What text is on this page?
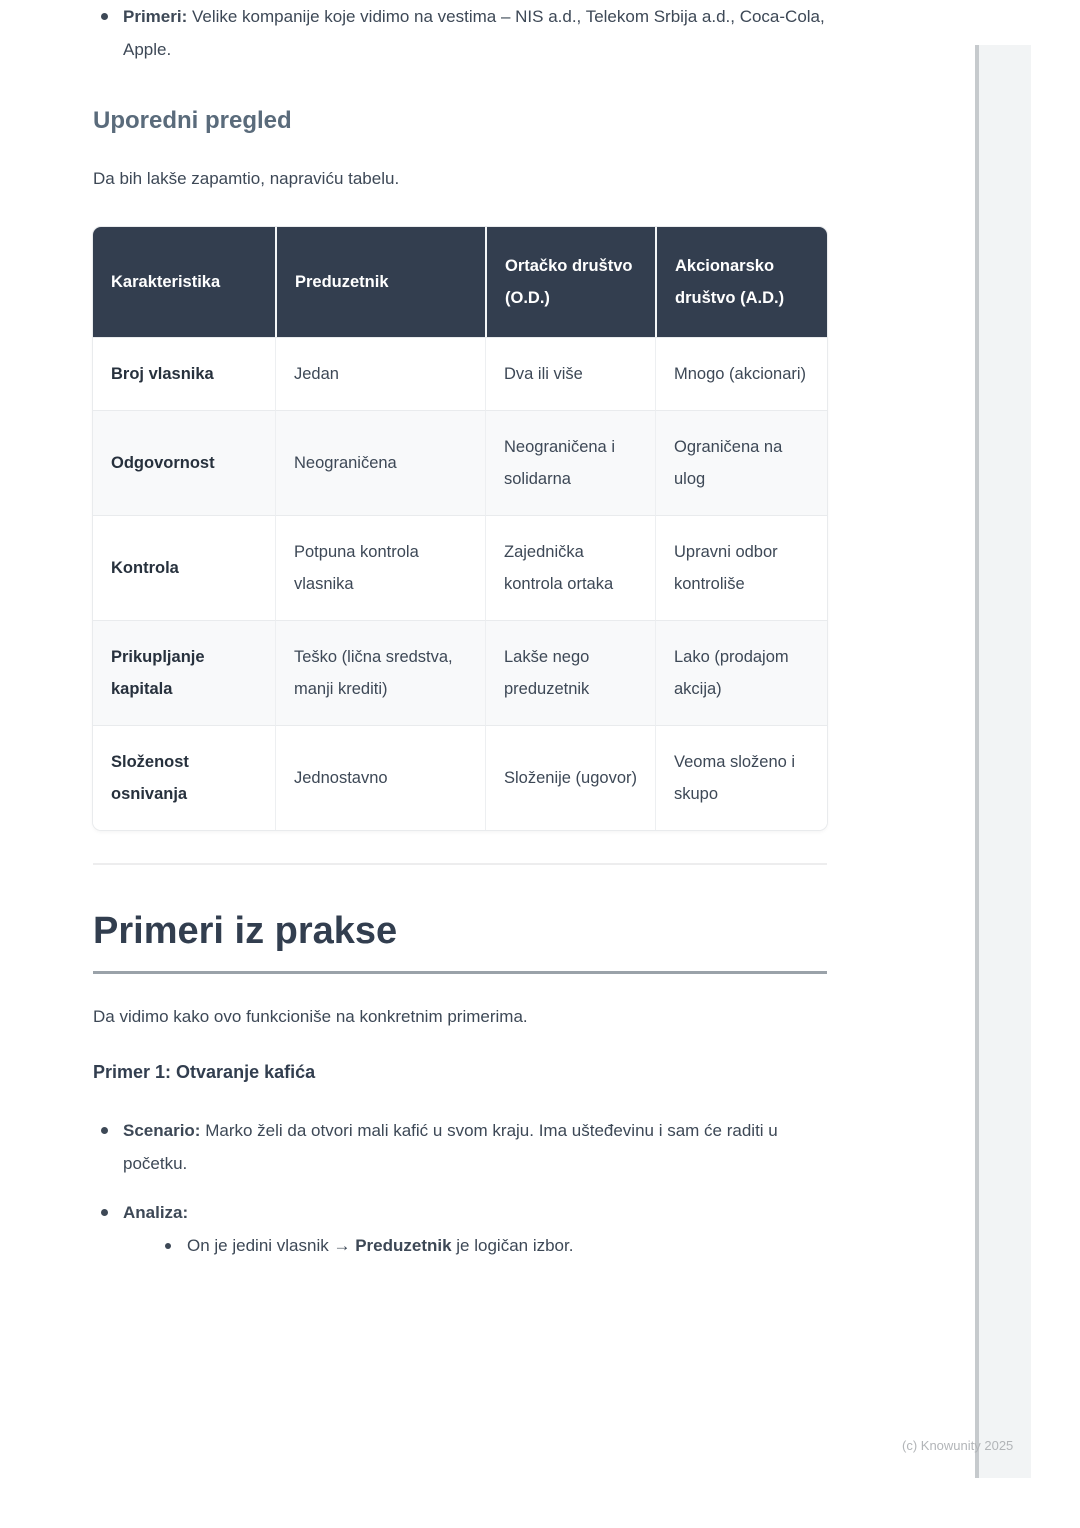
Primeri: Velike kompanije koje vidimo na vestima – NIS a.d., Telekom Srbija a.d., Coca-Cola, Apple.
Uporedni pregled

Da bih lakše zapamtio, napraviću tabelu.

Karakteristika	Preduzetnik	Ortačko društvo (O.D.)	Akcionarsko društvo (A.D.)
Broj vlasnika	Jedan	Dva ili više	Mnogo (akcionari)
Odgovornost	Neograničena	Neograničena i solidarna	Ograničena na ulog
Kontrola	Potpuna kontrola vlasnika	Zajednička kontrola ortaka	Upravni odbor kontroliše
Prikupljanje kapitala	Teško (lična sredstva, manji krediti)	Lakše nego preduzetnik	Lako (prodajom akcija)
Složenost osnivanja	Jednostavno	Složenije (ugovor)	Veoma složeno i skupo
Primeri iz prakse

Da vidimo kako ovo funkcioniše na konkretnim primerima.

Primer 1: Otvaranje kafića
Scenario: Marko želi da otvori mali kafić u svom kraju. Ima ušteđevinu i sam će raditi u početku.
Analiza:
On je jedini vlasnik → Preduzetnik je logičan izbor.
(c) Knowunity 2025
